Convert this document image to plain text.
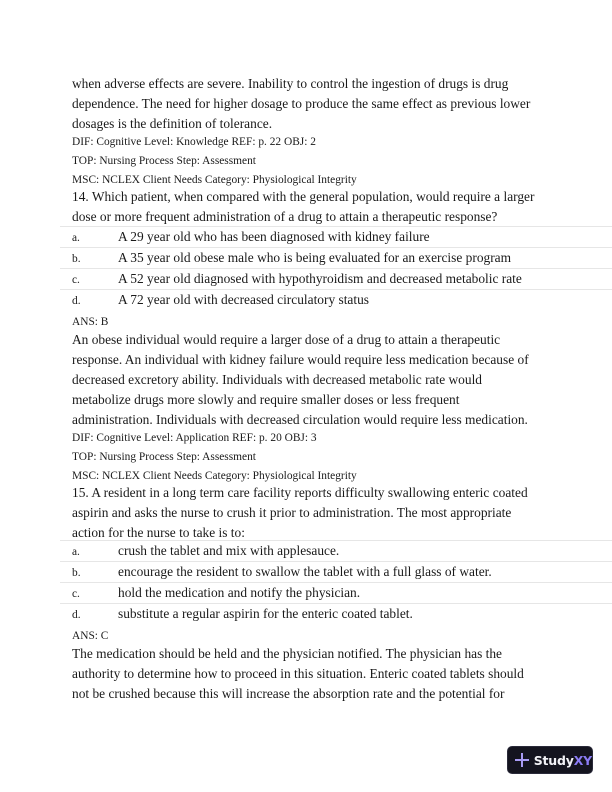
when adverse effects are severe. Inability to control the ingestion of drugs is drug dependence. The need for higher dosage to produce the same effect as previous lower dosages is the definition of tolerance.

DIF: Cognitive Level: Knowledge REF: p. 22 OBJ: 2

TOP: Nursing Process Step: Assessment

MSC: NCLEX Client Needs Category: Physiological Integrity

14. Which patient, when compared with the general population, would require a larger dose or more frequent administration of a drug to attain a therapeutic response?

a.	A 29 year old who has been diagnosed with kidney failure
b.	A 35 year old obese male who is being evaluated for an exercise program
c.	A 52 year old diagnosed with hypothyroidism and decreased metabolic rate
d.	A 72 year old with decreased circulatory status

ANS: B

An obese individual would require a larger dose of a drug to attain a therapeutic response. An individual with kidney failure would require less medication because of decreased excretory ability. Individuals with decreased metabolic rate would metabolize drugs more slowly and require smaller doses or less frequent administration. Individuals with decreased circulation would require less medication.

DIF: Cognitive Level: Application REF: p. 20 OBJ: 3

TOP: Nursing Process Step: Assessment

MSC: NCLEX Client Needs Category: Physiological Integrity

15. A resident in a long term care facility reports difficulty swallowing enteric coated aspirin and asks the nurse to crush it prior to administration. The most appropriate action for the nurse to take is to:

a.	crush the tablet and mix with applesauce.
b.	encourage the resident to swallow the tablet with a full glass of water.
c.	hold the medication and notify the physician.
d.	substitute a regular aspirin for the enteric coated tablet.

ANS: C

The medication should be held and the physician notified. The physician has the authority to determine how to proceed in this situation. Enteric coated tablets should not be crushed because this will increase the absorption rate and the potential for

StudyXY
